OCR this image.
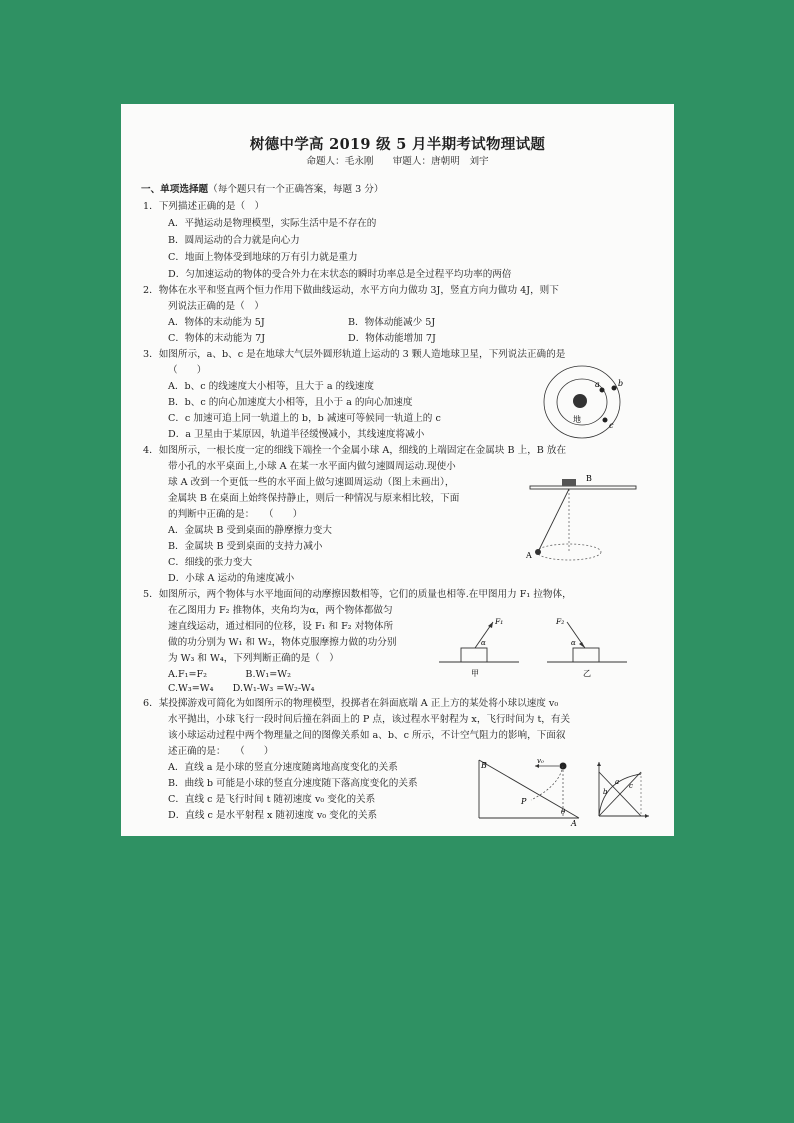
树德中学高 2019 级 5 月半期考试物理试题
命题人：毛永刚　　审题人：唐朝明　刘宇
一、单项选择题（每个题只有一个正确答案，每题 3 分）
1．下列描述正确的是（　）
A．平抛运动是物理模型，实际生活中是不存在的
B．圆周运动的合力就是向心力
C．地面上物体受到地球的万有引力就是重力
D．匀加速运动的物体的受合外力在末状态的瞬时功率总是全过程平均功率的两倍
2．物体在水平和竖直两个恒力作用下做曲线运动，水平方向力做功 3J，竖直方向力做功 4J，则下
列说法正确的是（　）
A．物体的末动能为 5J	B．物体动能减少 5J
C．物体的末动能为 7J	D．物体动能增加 7J
3．如图所示，a、b、c 是在地球大气层外圆形轨道上运动的 3 颗人造地球卫星，下列说法正确的是
（　　）
A．b、c 的线速度大小相等，且大于 a 的线速度
B．b、c 的向心加速度大小相等，且小于 a 的向心加速度
C．c 加速可追上同一轨道上的 b，b 减速可等候同一轨道上的 c
D．a 卫星由于某原因，轨道半径缓慢减小，其线速度将减小
地
a b
c
4．如图所示，一根长度一定的细线下端拴一个金属小球 A，细线的上端固定在金属块 B 上，B 放在
带小孔的水平桌面上,小球 A 在某一水平面内做匀速圆周运动.现使小
球 A 改到一个更低一些的水平面上做匀速圆周运动（图上未画出），
金属块 B 在桌面上始终保持静止，则后一种情况与原来相比较，下面
的判断中正确的是：　　（　　）
A．金属块 B 受到桌面的静摩擦力变大
B．金属块 B 受到桌面的支持力减小
C．细线的张力变大
D．小球 A 运动的角速度减小
B
A
5．如图所示，两个物体与水平地面间的动摩擦因数相等，它们的质量也相等.在甲图用力 F₁ 拉物体，
在乙图用力 F₂ 推物体，夹角均为α，两个物体都做匀
速直线运动，通过相同的位移，设 F₁ 和 F₂ 对物体所
做的功分别为 W₁ 和 W₂，物体克服摩擦力做的功分别
为 W₃ 和 W₄，下列判断正确的是（　）
A.F₁=F₂　　　　B.W₁=W₂
C.W₃=W₄　　D.W₁-W₃ =W₂-W₄
F₁
α
甲
F₂
α
乙
6．某投掷游戏可简化为如图所示的物理模型，投掷者在斜面底端 A 正上方的某处将小球以速度 v₀
水平抛出，小球飞行一段时间后撞在斜面上的 P 点，该过程水平射程为 x，飞行时间为 t，有关
该小球运动过程中两个物理量之间的图像关系如 a、b、c 所示，不计空气阻力的影响，下面叙
述正确的是：　　（　　）
A．直线 a 是小球的竖直分速度随离地高度变化的关系
B．曲线 b 可能是小球的竖直分速度随下落高度变化的关系
C．直线 c 是飞行时间 t 随初速度 v₀ 变化的关系
D．直线 c 是水平射程 x 随初速度 v₀ 变化的关系
B
A
v₀
P
θ
a
b
c
